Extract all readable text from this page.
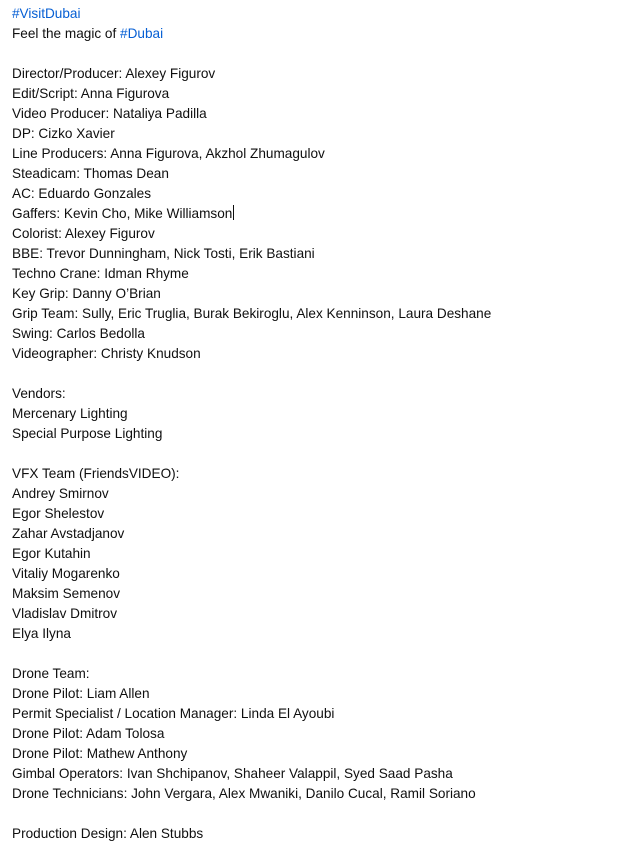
#VisitDubai
Feel the magic of #Dubai
Director/Producer: Alexey Figurov
Edit/Script: Anna Figurova
Video Producer: Nataliya Padilla
DP: Cizko Xavier
Line Producers: Anna Figurova, Akzhol Zhumagulov
Steadicam: Thomas Dean
AC: Eduardo Gonzales
Gaffers: Kevin Cho, Mike Williamson
Colorist: Alexey Figurov
BBE: Trevor Dunningham, Nick Tosti, Erik Bastiani
Techno Crane: Idman Rhyme
Key Grip: Danny O’Brian
Grip Team: Sully, Eric Truglia, Burak Bekiroglu, Alex Kenninson, Laura Deshane
Swing: Carlos Bedolla
Videographer: Christy Knudson
Vendors:
Mercenary Lighting
Special Purpose Lighting
VFX Team (FriendsVIDEO):
Andrey Smirnov
Egor Shelestov
Zahar Avstadjanov
Egor Kutahin
Vitaliy Mogarenko
Maksim Semenov
Vladislav Dmitrov
Elya Ilyna
Drone Team:
Drone Pilot: Liam Allen
Permit Specialist / Location Manager: Linda El Ayoubi
Drone Pilot: Adam Tolosa
Drone Pilot: Mathew Anthony
Gimbal Operators: Ivan Shchipanov, Shaheer Valappil, Syed Saad Pasha
Drone Technicians: John Vergara, Alex Mwaniki, Danilo Cucal, Ramil Soriano
Production Design: Alen Stubbs
